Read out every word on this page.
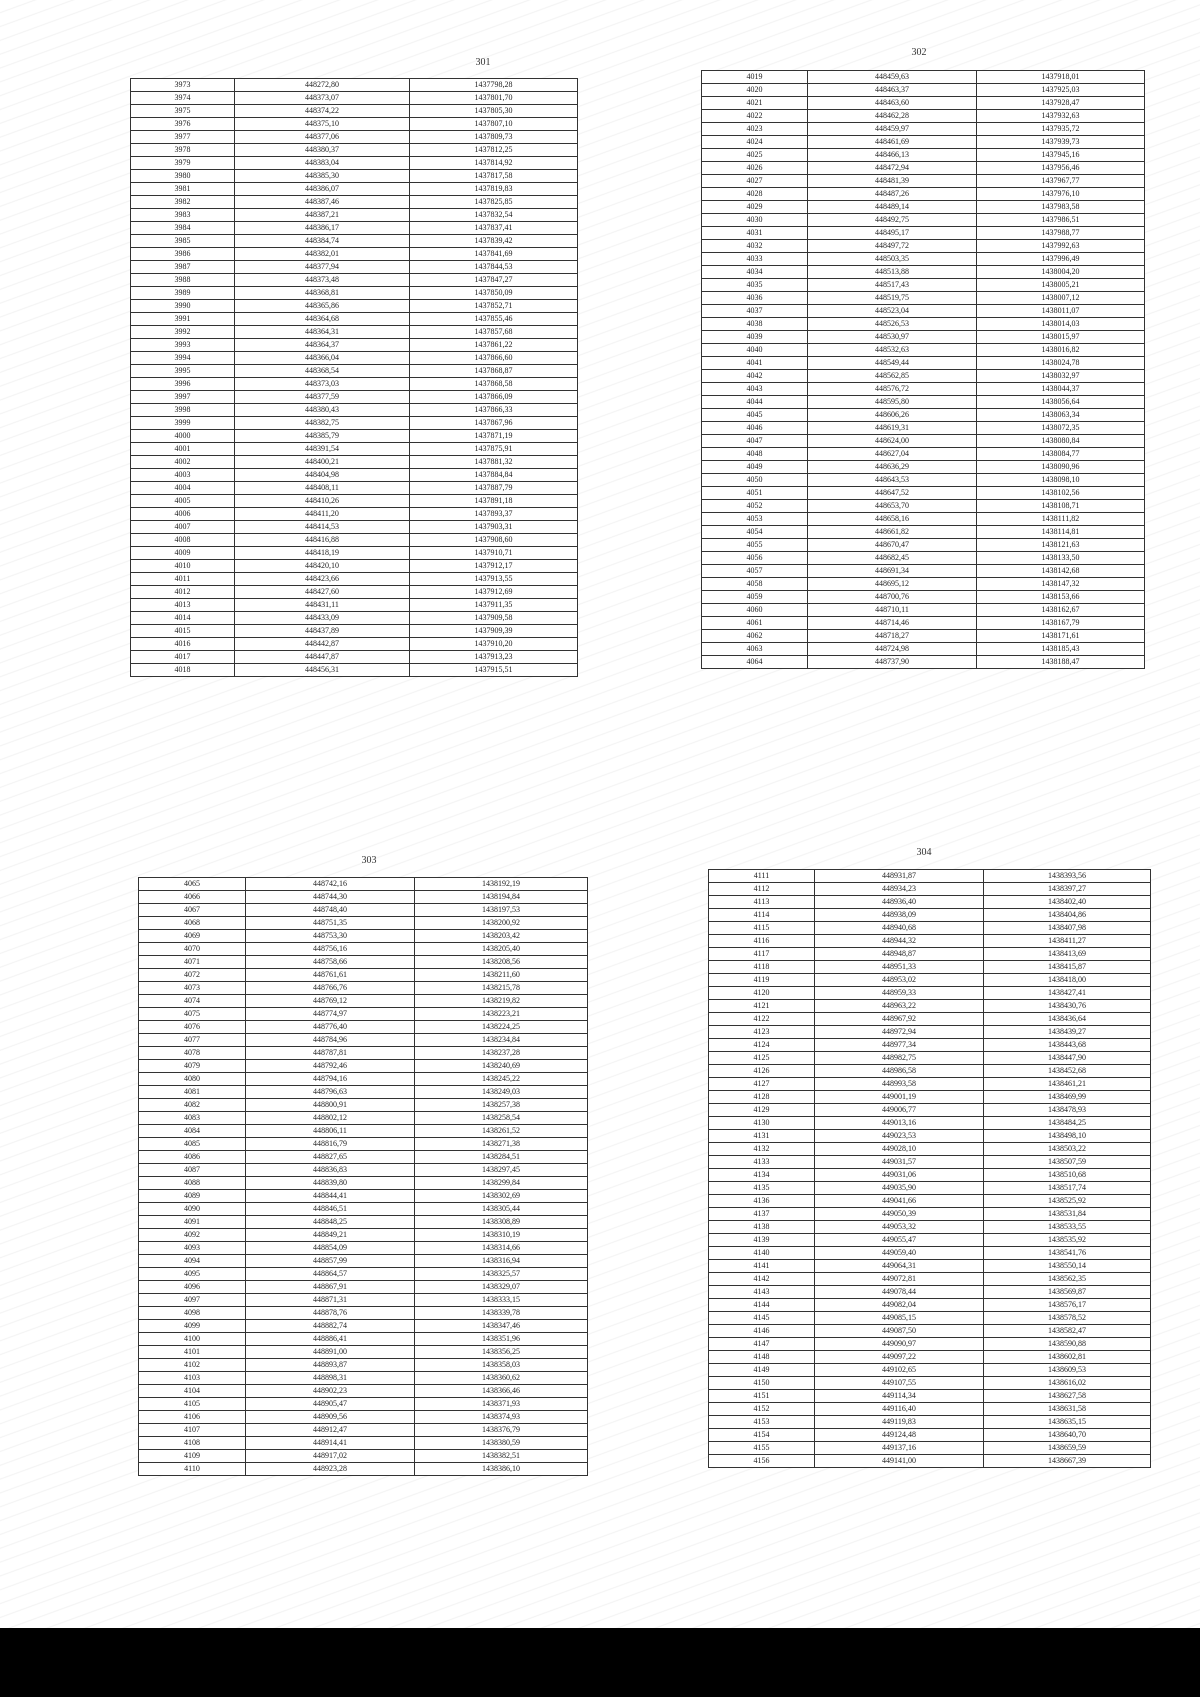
301
3973	448272,80	1437798,28
3974	448373,07	1437801,70
3975	448374,22	1437805,30
3976	448375,10	1437807,10
3977	448377,06	1437809,73
3978	448380,37	1437812,25
3979	448383,04	1437814,92
3980	448385,30	1437817,58
3981	448386,07	1437819,83
3982	448387,46	1437825,85
3983	448387,21	1437832,54
3984	448386,17	1437837,41
3985	448384,74	1437839,42
3986	448382,01	1437841,69
3987	448377,94	1437844,53
3988	448373,48	1437847,27
3989	448368,81	1437850,09
3990	448365,86	1437852,71
3991	448364,68	1437855,46
3992	448364,31	1437857,68
3993	448364,37	1437861,22
3994	448366,04	1437866,60
3995	448368,54	1437868,87
3996	448373,03	1437868,58
3997	448377,59	1437866,09
3998	448380,43	1437866,33
3999	448382,75	1437867,96
4000	448385,79	1437871,19
4001	448391,54	1437875,91
4002	448400,21	1437881,32
4003	448404,98	1437884,84
4004	448408,11	1437887,79
4005	448410,26	1437891,18
4006	448411,20	1437893,37
4007	448414,53	1437903,31
4008	448416,88	1437908,60
4009	448418,19	1437910,71
4010	448420,10	1437912,17
4011	448423,66	1437913,55
4012	448427,60	1437912,69
4013	448431,11	1437911,35
4014	448433,09	1437909,58
4015	448437,89	1437909,39
4016	448442,87	1437910,20
4017	448447,87	1437913,23
4018	448456,31	1437915,51
302
4019	448459,63	1437918,01
4020	448463,37	1437925,03
4021	448463,60	1437928,47
4022	448462,28	1437932,63
4023	448459,97	1437935,72
4024	448461,69	1437939,73
4025	448466,13	1437945,16
4026	448472,94	1437956,46
4027	448481,39	1437967,77
4028	448487,26	1437976,10
4029	448489,14	1437983,58
4030	448492,75	1437986,51
4031	448495,17	1437988,77
4032	448497,72	1437992,63
4033	448503,35	1437996,49
4034	448513,88	1438004,20
4035	448517,43	1438005,21
4036	448519,75	1438007,12
4037	448523,04	1438011,07
4038	448526,53	1438014,03
4039	448530,97	1438015,97
4040	448532,63	1438016,82
4041	448549,44	1438024,78
4042	448562,85	1438032,97
4043	448576,72	1438044,37
4044	448595,80	1438056,64
4045	448606,26	1438063,34
4046	448619,31	1438072,35
4047	448624,00	1438080,84
4048	448627,04	1438084,77
4049	448636,29	1438090,96
4050	448643,53	1438098,10
4051	448647,52	1438102,56
4052	448653,70	1438108,71
4053	448658,16	1438111,82
4054	448661,82	1438114,81
4055	448670,47	1438121,63
4056	448682,45	1438133,50
4057	448691,34	1438142,68
4058	448695,12	1438147,32
4059	448700,76	1438153,66
4060	448710,11	1438162,67
4061	448714,46	1438167,79
4062	448718,27	1438171,61
4063	448724,98	1438185,43
4064	448737,90	1438188,47
303
4065	448742,16	1438192,19
4066	448744,30	1438194,84
4067	448748,40	1438197,53
4068	448751,35	1438200,92
4069	448753,30	1438203,42
4070	448756,16	1438205,40
4071	448758,66	1438208,56
4072	448761,61	1438211,60
4073	448766,76	1438215,78
4074	448769,12	1438219,82
4075	448774,97	1438223,21
4076	448776,40	1438224,25
4077	448784,96	1438234,84
4078	448787,81	1438237,28
4079	448792,46	1438240,69
4080	448794,16	1438245,22
4081	448796,63	1438249,03
4082	448800,91	1438257,38
4083	448802,12	1438258,54
4084	448806,11	1438261,52
4085	448816,79	1438271,38
4086	448827,65	1438284,51
4087	448836,83	1438297,45
4088	448839,80	1438299,84
4089	448844,41	1438302,69
4090	448846,51	1438305,44
4091	448848,25	1438308,89
4092	448849,21	1438310,19
4093	448854,09	1438314,66
4094	448857,99	1438316,94
4095	448864,57	1438325,57
4096	448867,91	1438329,07
4097	448871,31	1438333,15
4098	448878,76	1438339,78
4099	448882,74	1438347,46
4100	448886,41	1438351,96
4101	448891,00	1438356,25
4102	448893,87	1438358,03
4103	448898,31	1438360,62
4104	448902,23	1438366,46
4105	448905,47	1438371,93
4106	448909,56	1438374,93
4107	448912,47	1438376,79
4108	448914,41	1438380,59
4109	448917,02	1438382,51
4110	448923,28	1438386,10
304
4111	448931,87	1438393,56
4112	448934,23	1438397,27
4113	448936,40	1438402,40
4114	448938,09	1438404,86
4115	448940,68	1438407,98
4116	448944,32	1438411,27
4117	448948,87	1438413,69
4118	448951,33	1438415,87
4119	448953,02	1438418,00
4120	448959,33	1438427,41
4121	448963,22	1438430,76
4122	448967,92	1438436,64
4123	448972,94	1438439,27
4124	448977,34	1438443,68
4125	448982,75	1438447,90
4126	448986,58	1438452,68
4127	448993,58	1438461,21
4128	449001,19	1438469,99
4129	449006,77	1438478,93
4130	449013,16	1438484,25
4131	449023,53	1438498,10
4132	449028,10	1438503,22
4133	449031,57	1438507,59
4134	449031,06	1438510,68
4135	449035,90	1438517,74
4136	449041,66	1438525,92
4137	449050,39	1438531,84
4138	449053,32	1438533,55
4139	449055,47	1438535,92
4140	449059,40	1438541,76
4141	449064,31	1438550,14
4142	449072,81	1438562,35
4143	449078,44	1438569,87
4144	449082,04	1438576,17
4145	449085,15	1438578,52
4146	449087,50	1438582,47
4147	449090,97	1438590,88
4148	449097,22	1438602,81
4149	449102,65	1438609,53
4150	449107,55	1438616,02
4151	449114,34	1438627,58
4152	449116,40	1438631,58
4153	449119,83	1438635,15
4154	449124,48	1438640,70
4155	449137,16	1438659,59
4156	449141,00	1438667,39
